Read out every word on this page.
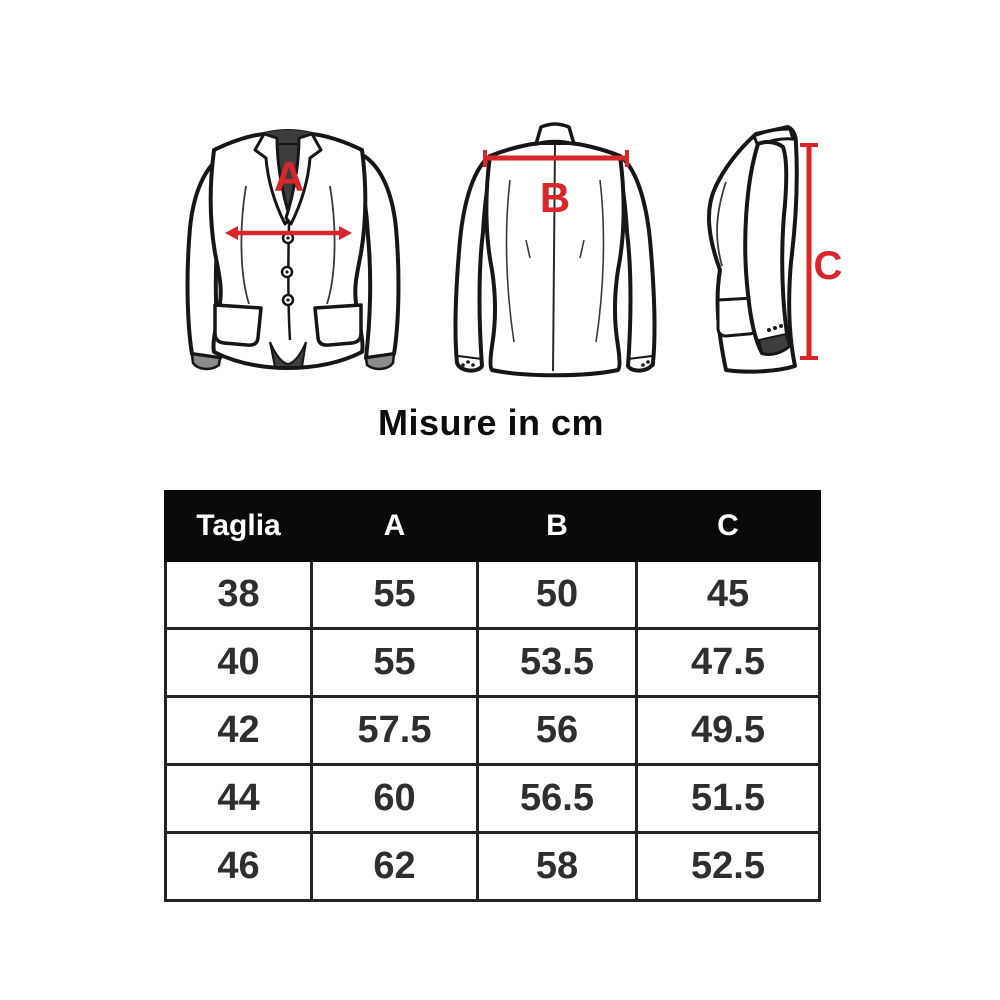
A	B
C
Misure in cm
Taglia	A	B	C
38	55	50	45
40	55	53.5	47.5
42	57.5	56	49.5
44	60	56.5	51.5
46	62	58	52.5
